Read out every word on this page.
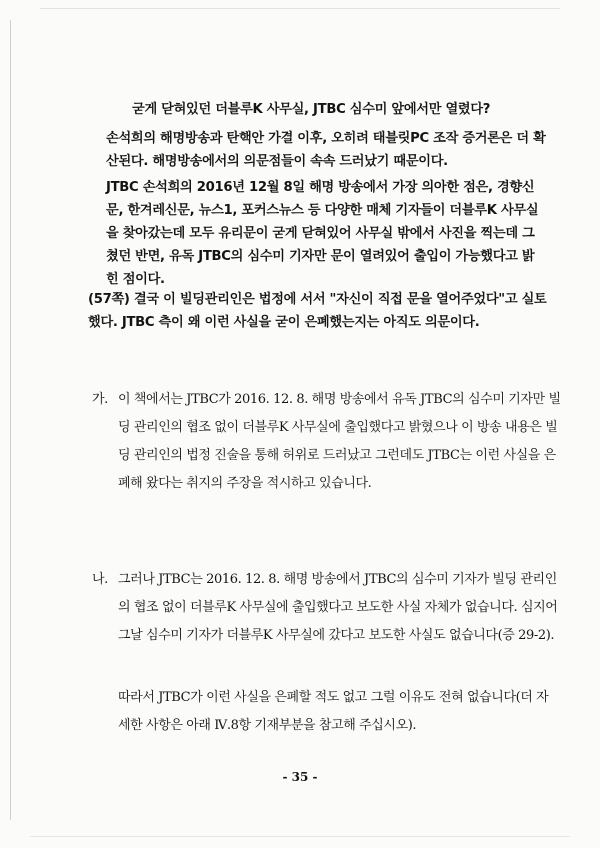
굳게 닫혀있던 더블루K 사무실, JTBC 심수미 앞에서만 열렸다?
손석희의 해명방송과 탄핵안 가결 이후, 오히려 태블릿PC 조작 증거론은 더 확산된다. 해명방송에서의 의문점들이 속속 드러났기 때문이다.
JTBC 손석희의 2016년 12월 8일 해명 방송에서 가장 의아한 점은, 경향신문, 한겨레신문, 뉴스1, 포커스뉴스 등 다양한 매체 기자들이 더블루K 사무실을 찾아갔는데 모두 유리문이 굳게 닫혀있어 사무실 밖에서 사진을 찍는데 그쳤던 반면, 유독 JTBC의 심수미 기자만 문이 열려있어 출입이 가능했다고 밝힌 점이다.
(57쪽) 결국 이 빌딩관리인은 법정에 서서 "자신이 직접 문을 열어주었다"고 실토했다. JTBC 측이 왜 이런 사실을 굳이 은폐했는지는 아직도 의문이다.
가. 이 책에서는 JTBC가 2016. 12. 8. 해명 방송에서 유독 JTBC의 심수미 기자만 빌딩 관리인의 협조 없이 더블루K 사무실에 출입했다고 밝혔으나 이 방송 내용은 빌딩 관리인의 법정 진술을 통해 허위로 드러났고 그런데도 JTBC는 이런 사실을 은폐해 왔다는 취지의 주장을 적시하고 있습니다.
나. 그러나 JTBC는 2016. 12. 8. 해명 방송에서 JTBC의 심수미 기자가 빌딩 관리인의 협조 없이 더블루K 사무실에 출입했다고 보도한 사실 자체가 없습니다. 심지어 그날 심수미 기자가 더블루K 사무실에 갔다고 보도한 사실도 없습니다(증 29-2).
따라서 JTBC가 이런 사실을 은폐할 적도 없고 그럴 이유도 전혀 없습니다(더 자세한 사항은 아래 Ⅳ.8항 기재부분을 참고해 주십시오).
- 35 -
